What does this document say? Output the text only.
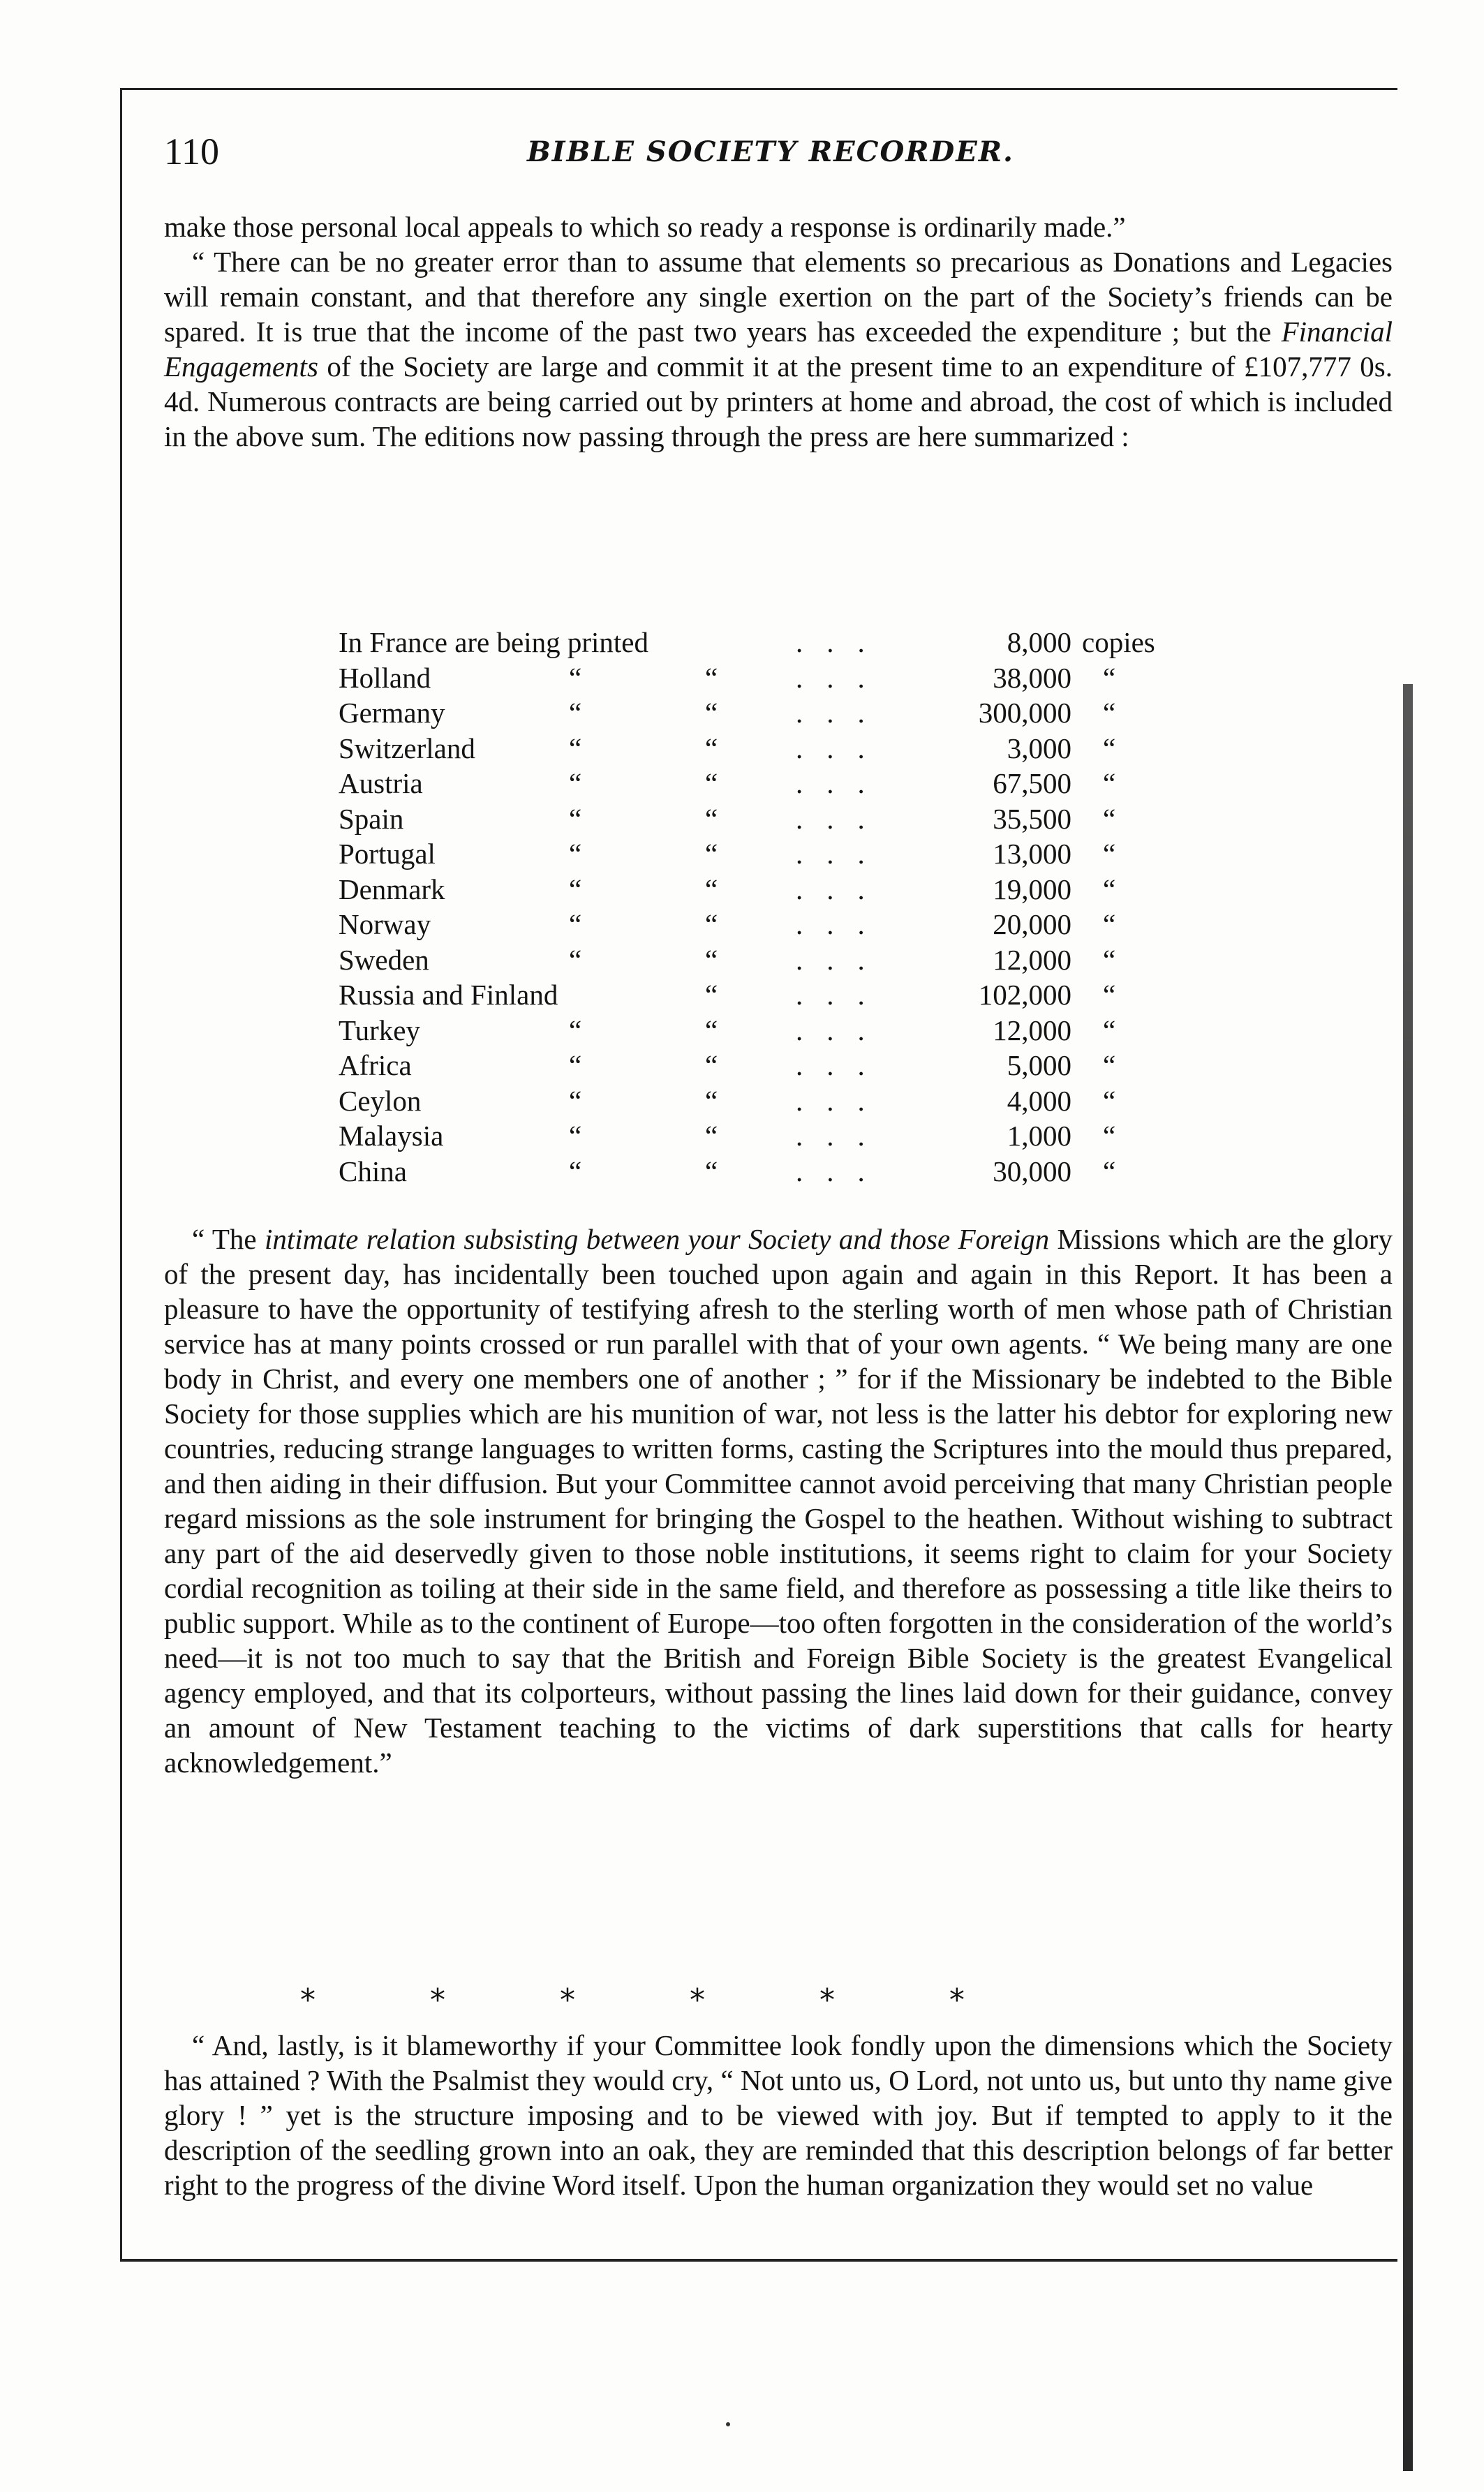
110	BIBLE SOCIETY RECORDER.

make those personal local appeals to which so ready a response is ordinarily made.”

“ There can be no greater error than to assume that elements so precarious as Donations and Legacies will remain constant, and that therefore any single exertion on the part of the Society’s friends can be spared. It is true that the income of the past two years has exceeded the expenditure ; but the Financial Engagements of the Society are large and commit it at the present time to an expenditure of £107,777 0s. 4d. Numerous contracts are being carried out by printers at home and abroad, the cost of which is included in the above sum. The editions now passing through the press are here summarized :

In France are being printed	...	8,000 copies
Holland	“	“	...	38,000 “
Germany	“	“	...	300,000 “
Switzerland	“	“	...	3,000 “
Austria	“	“	...	67,500 “
Spain	“	“	...	35,500 “
Portugal	“	“	...	13,000 “
Denmark	“	“	...	19,000 “
Norway	“	“	...	20,000 “
Sweden	“	“	...	12,000 “
Russia and Finland	“	...	102,000 “
Turkey	“	“	...	12,000 “
Africa	“	“	...	5,000 “
Ceylon	“	“	...	4,000 “
Malaysia	“	“	...	1,000 “
China	“	“	...	30,000 “

“ The intimate relation subsisting between your Society and those Foreign Missions which are the glory of the present day, has incidentally been touched upon again and again in this Report. It has been a pleasure to have the opportunity of testifying afresh to the sterling worth of men whose path of Christian service has at many points crossed or run parallel with that of your own agents. “ We being many are one body in Christ, and every one members one of another ; ” for if the Missionary be indebted to the Bible Society for those supplies which are his munition of war, not less is the latter his debtor for exploring new countries, reducing strange languages to written forms, casting the Scriptures into the mould thus prepared, and then aiding in their diffusion. But your Committee cannot avoid perceiving that many Christian people regard missions as the sole instrument for bringing the Gospel to the heathen. Without wishing to subtract any part of the aid deservedly given to those noble institutions, it seems right to claim for your Society cordial recognition as toiling at their side in the same field, and therefore as possessing a title like theirs to public support. While as to the continent of Europe—too often forgotten in the consideration of the world’s need—it is not too much to say that the British and Foreign Bible Society is the greatest Evangelical agency employed, and that its colporteurs, without passing the lines laid down for their guidance, convey an amount of New Testament teaching to the victims of dark superstitions that calls for hearty acknowledgement.”

* * * * * *

“ And, lastly, is it blameworthy if your Committee look fondly upon the dimensions which the Society has attained ? With the Psalmist they would cry, “ Not unto us, O Lord, not unto us, but unto thy name give glory ! ” yet is the structure imposing and to be viewed with joy. But if tempted to apply to it the description of the seedling grown into an oak, they are reminded that this description belongs of far better right to the progress of the divine Word itself. Upon the human organization they would set no value
